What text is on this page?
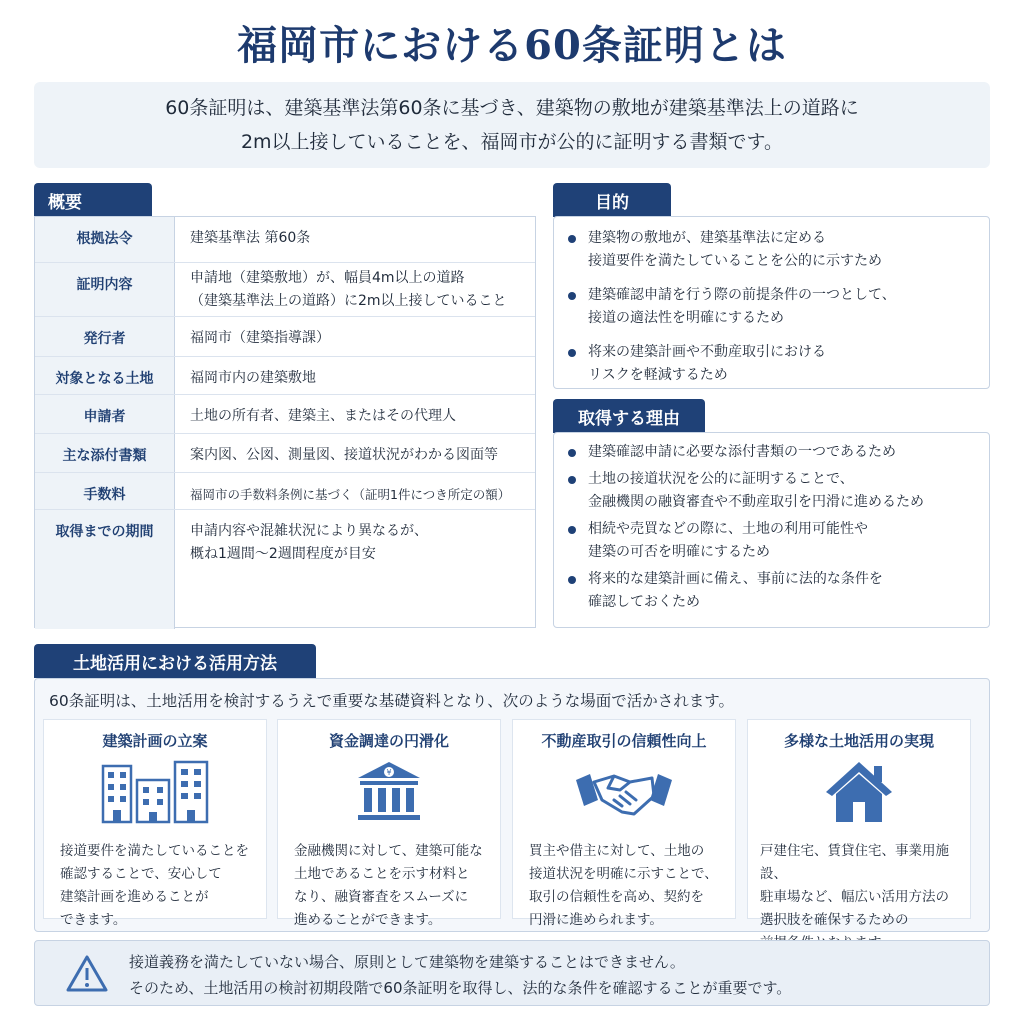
福岡市における60条証明とは
60条証明は、建築基準法第60条に基づき、建築物の敷地が建築基準法上の道路に
2m以上接していることを、福岡市が公的に証明する書類です。
概要
根拠法令	建築基準法 第60条
証明内容	申請地（建築敷地）が、幅員4m以上の道路
（建築基準法上の道路）に2m以上接していること
発行者	福岡市（建築指導課）
対象となる土地	福岡市内の建築敷地
申請者	土地の所有者、建築主、またはその代理人
主な添付書類	案内図、公図、測量図、接道状況がわかる図面等
手数料	福岡市の手数料条例に基づく（証明1件につき所定の額）
取得までの期間	申請内容や混雑状況により異なるが、
概ね1週間〜2週間程度が目安
目的
建築物の敷地が、建築基準法に定める
接道要件を満たしていることを公的に示すため
建築確認申請を行う際の前提条件の一つとして、
接道の適法性を明確にするため
将来の建築計画や不動産取引における
リスクを軽減するため
取得する理由
建築確認申請に必要な添付書類の一つであるため
土地の接道状況を公的に証明することで、
金融機関の融資審査や不動産取引を円滑に進めるため
相続や売買などの際に、土地の利用可能性や
建築の可否を明確にするため
将来的な建築計画に備え、事前に法的な条件を
確認しておくため
土地活用における活用方法
60条証明は、土地活用を検討するうえで重要な基礎資料となり、次のような場面で活かされます。
建築計画の立案
接道要件を満たしていることを
確認することで、安心して
建築計画を進めることが
できます。
資金調達の円滑化
¥
金融機関に対して、建築可能な
土地であることを示す材料と
なり、融資審査をスムーズに
進めることができます。
不動産取引の信頼性向上
買主や借主に対して、土地の
接道状況を明確に示すことで、
取引の信頼性を高め、契約を
円滑に進められます。
多様な土地活用の実現
戸建住宅、賃貸住宅、事業用施設、
駐車場など、幅広い活用方法の
選択肢を確保するための
接道義務を満たしていない場合、原則として建築物を建築することはできません。
そのため、土地活用の検討初期段階で60条証明を取得し、法的な条件を確認することが重要です。
